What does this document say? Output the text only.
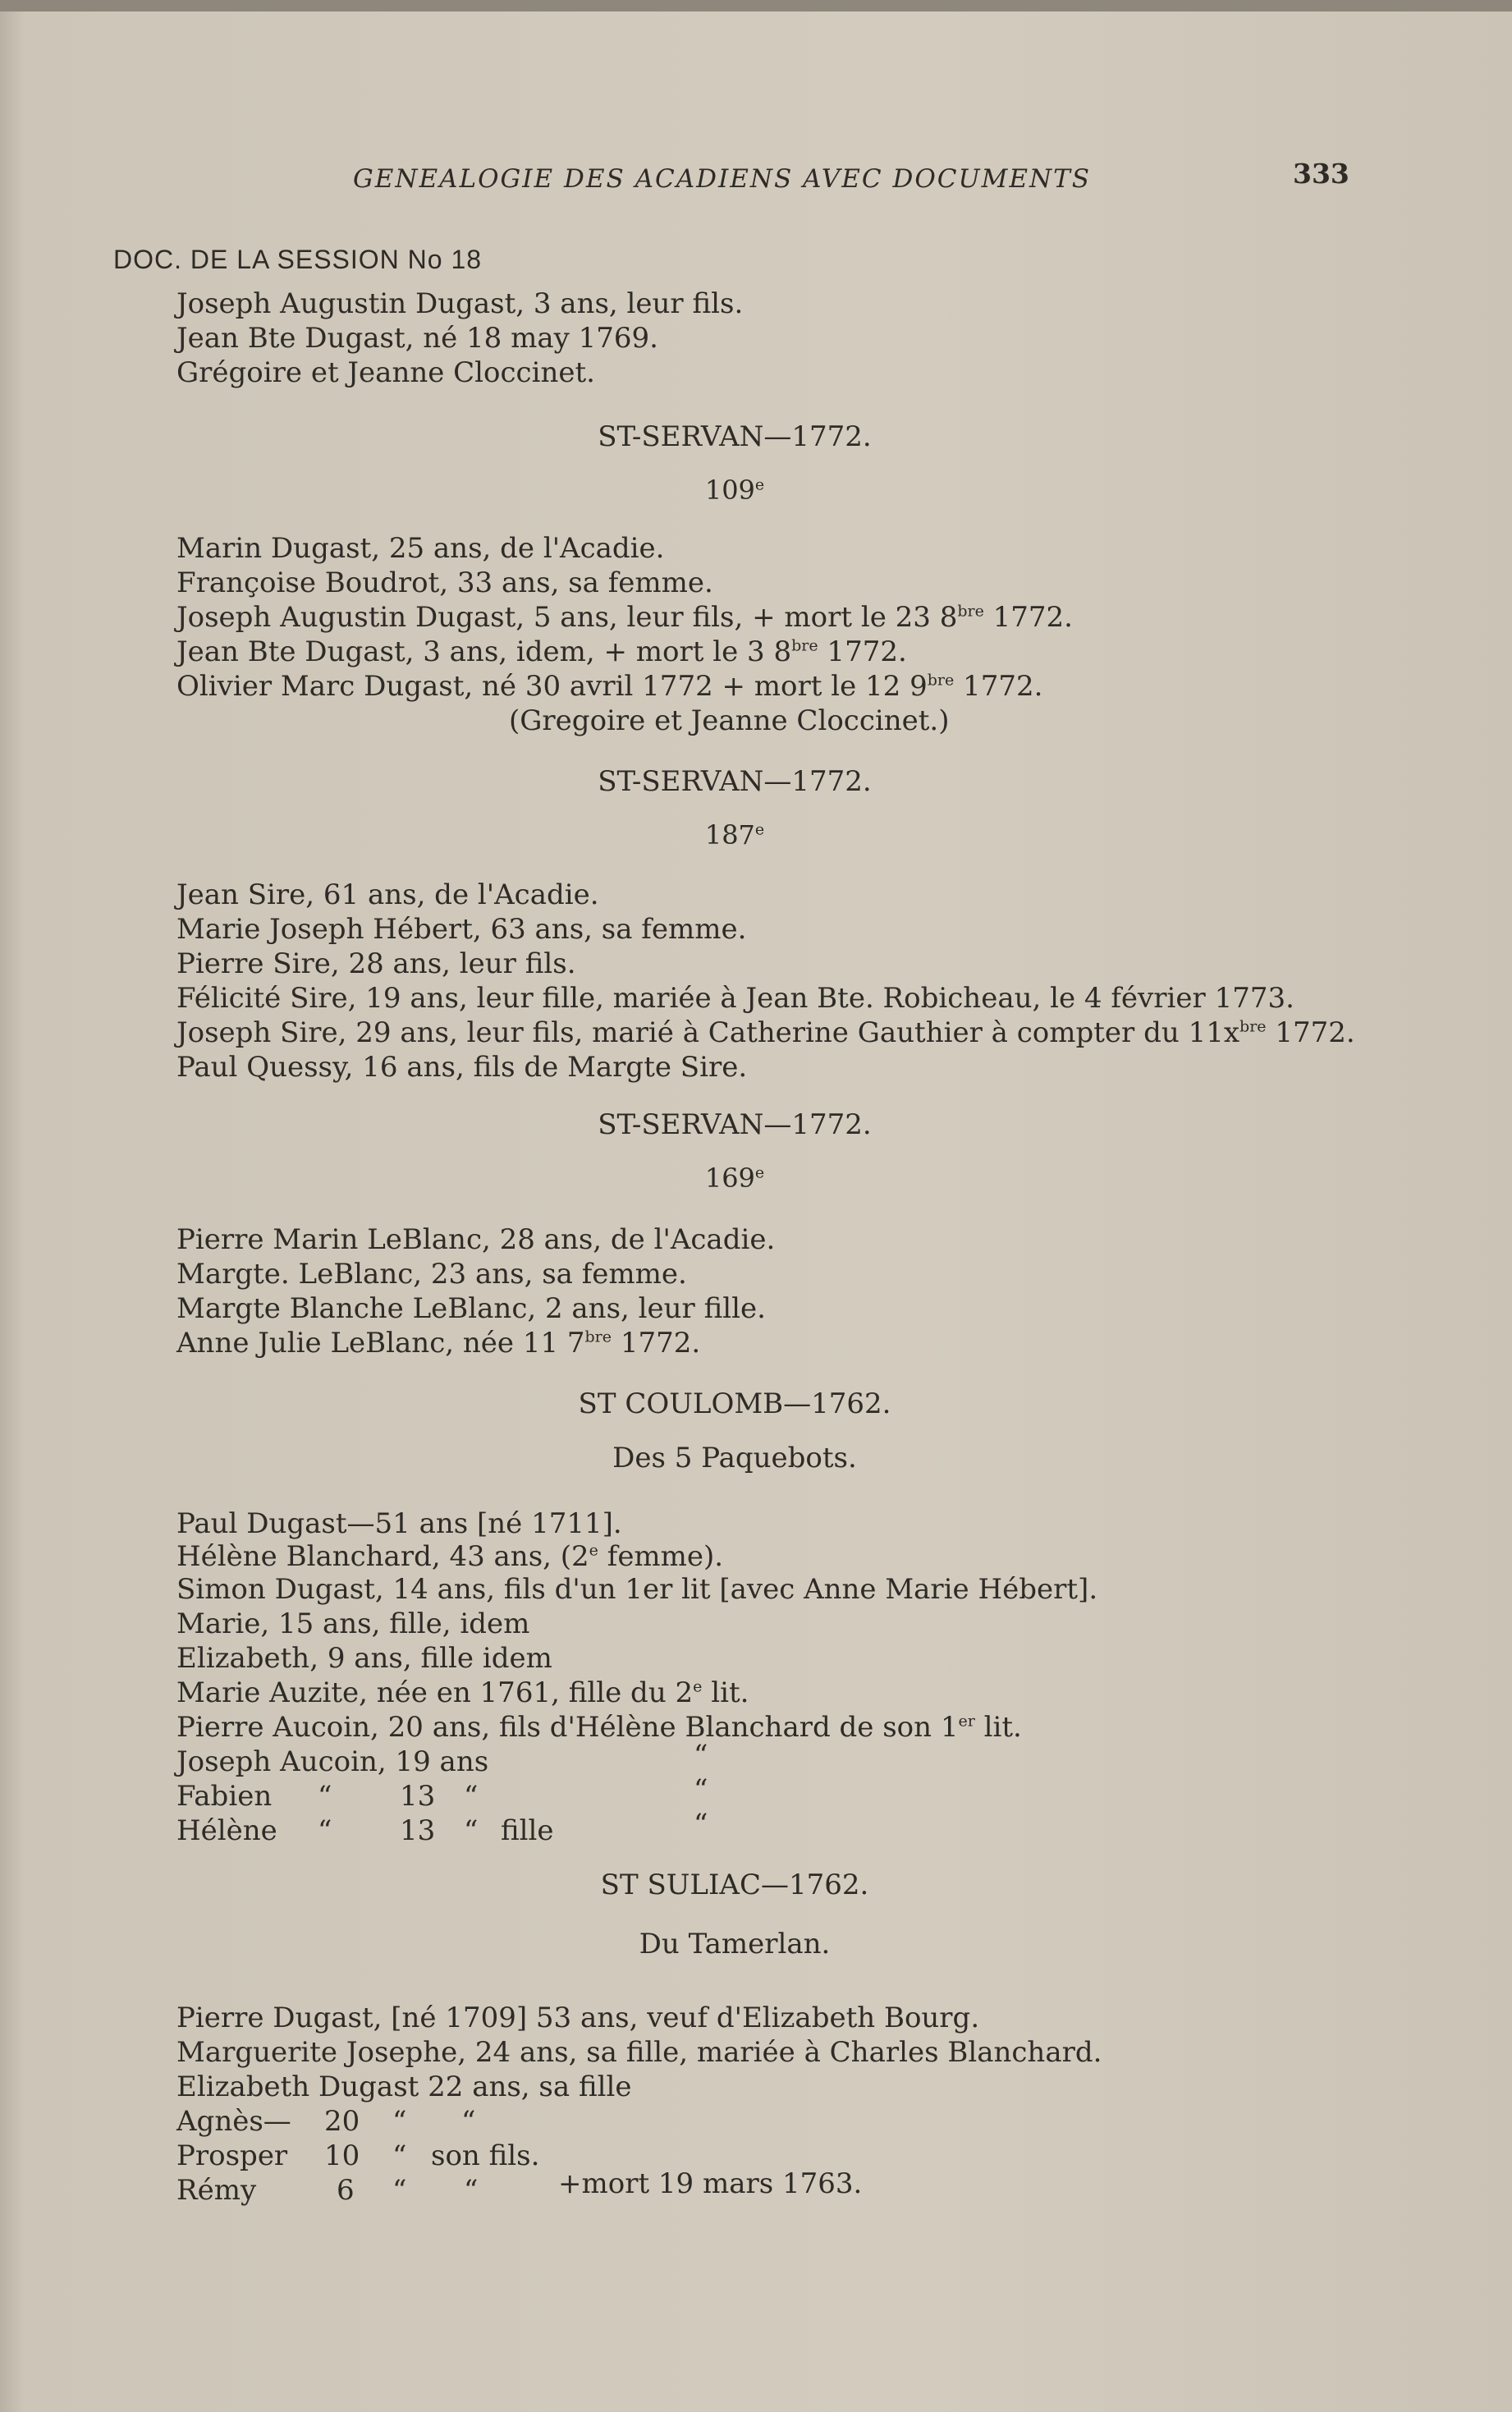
GENEALOGIE DES ACADIENS AVEC DOCUMENTS	333
DOC. DE LA SESSION No 18
Joseph Augustin Dugast, 3 ans, leur fils.
Jean Bte Dugast, né 18 may 1769.
Grégoire et Jeanne Cloccinet.
ST-SERVAN—1772.
109e
Marin Dugast, 25 ans, de l'Acadie.
Françoise Boudrot, 33 ans, sa femme.
Joseph Augustin Dugast, 5 ans, leur fils, + mort le 23 $8^{bre}$ 1772.
Jean Bte Dugast, 3 ans, idem, + mort le 3 $8^{bre}$ 1772.
Olivier Marc Dugast, né 30 avril 1772 + mort le 12 $9^{bre}$ 1772.
(Gregoire et Jeanne Cloccinet.)
ST-SERVAN—1772.
187e
Jean Sire, 61 ans, de l'Acadie.
Marie Joseph Hébert, 63 ans, sa femme.
Pierre Sire, 28 ans, leur fils.
Félicité Sire, 19 ans, leur fille, mariée à Jean Bte. Robicheau, le 4 février 1773.
Joseph Sire, 29 ans, leur fils, marié à Catherine Gauthier à compter du $11x^{bre}$ 1772.
Paul Quessy, 16 ans, fils de Margte Sire.
ST-SERVAN—1772.
169e
Pierre Marin LeBlanc, 28 ans, de l'Acadie.
Margte. LeBlanc, 23 ans, sa femme.
Margte Blanche LeBlanc, 2 ans, leur fille.
Anne Julie LeBlanc, née 11 $7^{bre}$ 1772.
ST COULOMB—1762.
Des 5 Paquebots.
Paul Dugast—51 ans [né 1711].
Hélène Blanchard, 43 ans, (2e femme).
Simon Dugast, 14 ans, fils d'un 1er lit [avec Anne Marie Hébert].
Marie, 15 ans, fille, idem
Elizabeth, 9 ans, fille idem
Marie Auzite, née en 1761, fille du 2e lit.
Pierre Aucoin, 20 ans, fils d'Hélène Blanchard de son 1er lit.
Joseph Aucoin, 19 ans	“
Fabien “ 13 “	“
Hélène “ 13 “ fille	“
ST SULIAC—1762.
Du Tamerlan.
Pierre Dugast, [né 1709] 53 ans, veuf d'Elizabeth Bourg.
Marguerite Josephe, 24 ans, sa fille, mariée à Charles Blanchard.
Elizabeth Dugast 22 ans, sa fille
Agnès— 20 “ “
Prosper 10 “ son fils.
Rémy	6 “ “	+mort 19 mars 1763.
